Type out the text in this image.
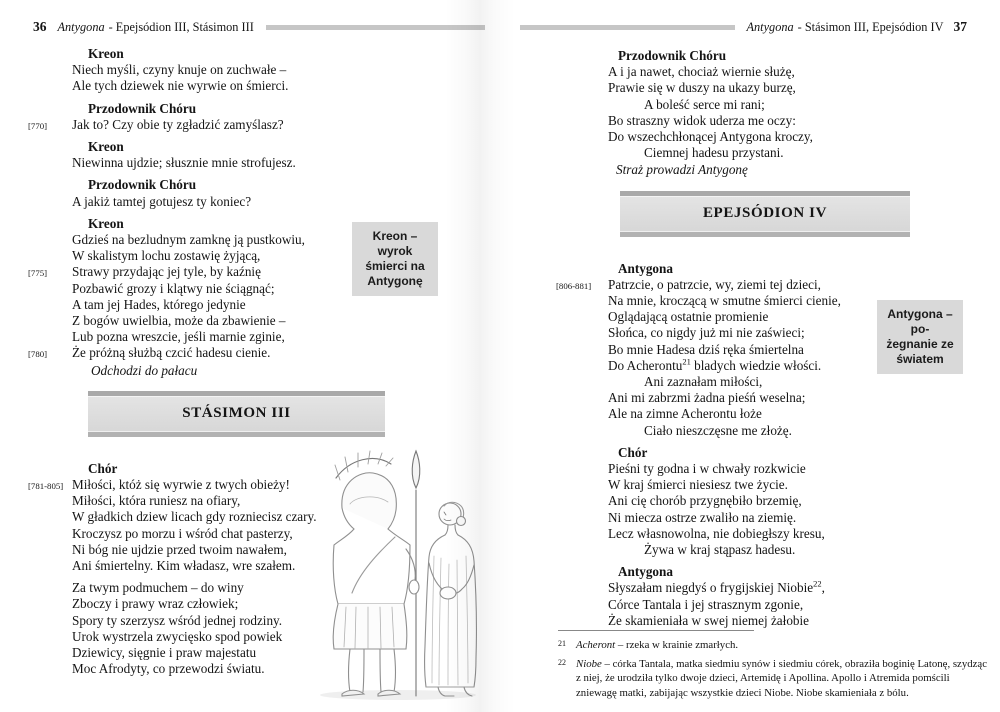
36 Antygona - Epejsódion III, Stásimon III
Kreon
Niech myśli, czyny knuje on zuchwałe –
Ale tych dziewek nie wyrwie on śmierci.
Przodownik Chóru
[770] Jak to? Czy obie ty zgładzić zamyślasz?
Kreon
Niewinna ujdzie; słusznie mnie strofujesz.
Przodownik Chóru
A jakiż tamtej gotujesz ty koniec?
Kreon
Gdzieś na bezludnym zamknę ją pustkowiu,
W skalistym lochu zostawię żyjącą,
[775] Strawy przydając jej tyle, by kaźnię
Pozbawić grozy i klątwy nie ściągnąć;
A tam jej Hades, którego jedynie
Z bogów uwielbia, może da zbawienie –
Lub pozna wreszcie, jeśli marnie zginie,
[780] Że próżną służbą czcić hadesu cienie.
Odchodzi do pałacu
STÁSIMON III
Chór
[781-805] Miłości, któż się wyrwie z twych obieży!
Miłości, która runiesz na ofiary,
W gładkich dziew licach gdy rozniecisz czary.
Kroczysz po morzu i wśród chat pasterzy,
Ni bóg nie ujdzie przed twoim nawałem,
Ani śmiertelny. Kim władasz, wre szałem.
Za twym podmuchem – do winy
Zboczy i prawy wraz człowiek;
Spory ty szerzysz wśród jednej rodziny.
Urok wystrzela zwycięsko spod powiek
Dziewicy, sięgnie i praw majestatu
Moc Afrodyty, co przewodzi światu.
Kreon – wyrok
śmierci na
Antygonę
Antygona - Stásimon III, Epejsódion IV 37
Przodownik Chóru
A i ja nawet, chociaż wiernie służę,
Prawie się w duszy na ukazy burzę,
A boleść serce mi rani;
Bo straszny widok uderza me oczy:
Do wszechchłonącej Antygona kroczy,
Ciemnej hadesu przystani.
Straż prowadzi Antygonę
EPEJSÓDION IV
Antygona
[806-881] Patrzcie, o patrzcie, wy, ziemi tej dzieci,
Na mnie, kroczącą w smutne śmierci cienie,
Oglądającą ostatnie promienie
Słońca, co nigdy już mi nie zaświeci;
Bo mnie Hadesa dziś ręka śmiertelna
Do Acherontu$^{21}$ bladych wiedzie włości.
Ani zaznałam miłości,
Ani mi zabrzmi żadna pieśń weselna;
Ale na zimne Acherontu łoże
Ciało nieszczęsne me złożę.
Chór
Pieśni ty godna i w chwały rozkwicie
W kraj śmierci niesiesz twe życie.
Ani cię chorób przygnębiło brzemię,
Ni miecza ostrze zwaliło na ziemię.
Lecz własnowolna, nie dobiegłszy kresu,
Żywa w kraj stąpasz hadesu.
Antygona
Słyszałam niegdyś o frygijskiej Niobie$^{22}$,
Córce Tantala i jej strasznym zgonie,
Że skamieniała w swej niemej żałobie
Antygona – po-
żegnanie ze
światem
21 Acheront – rzeka w krainie zmarłych.
22 Niobe – córka Tantala, matka siedmiu synów i siedmiu córek, obraziła boginię Latonę, szydząc z niej, że urodziła tylko dwoje dzieci, Artemidę i Apollina. Apollo i Atremida pomścili zniewagę matki, zabijając wszystkie dzieci Niobe. Niobe skamieniała z bólu.
